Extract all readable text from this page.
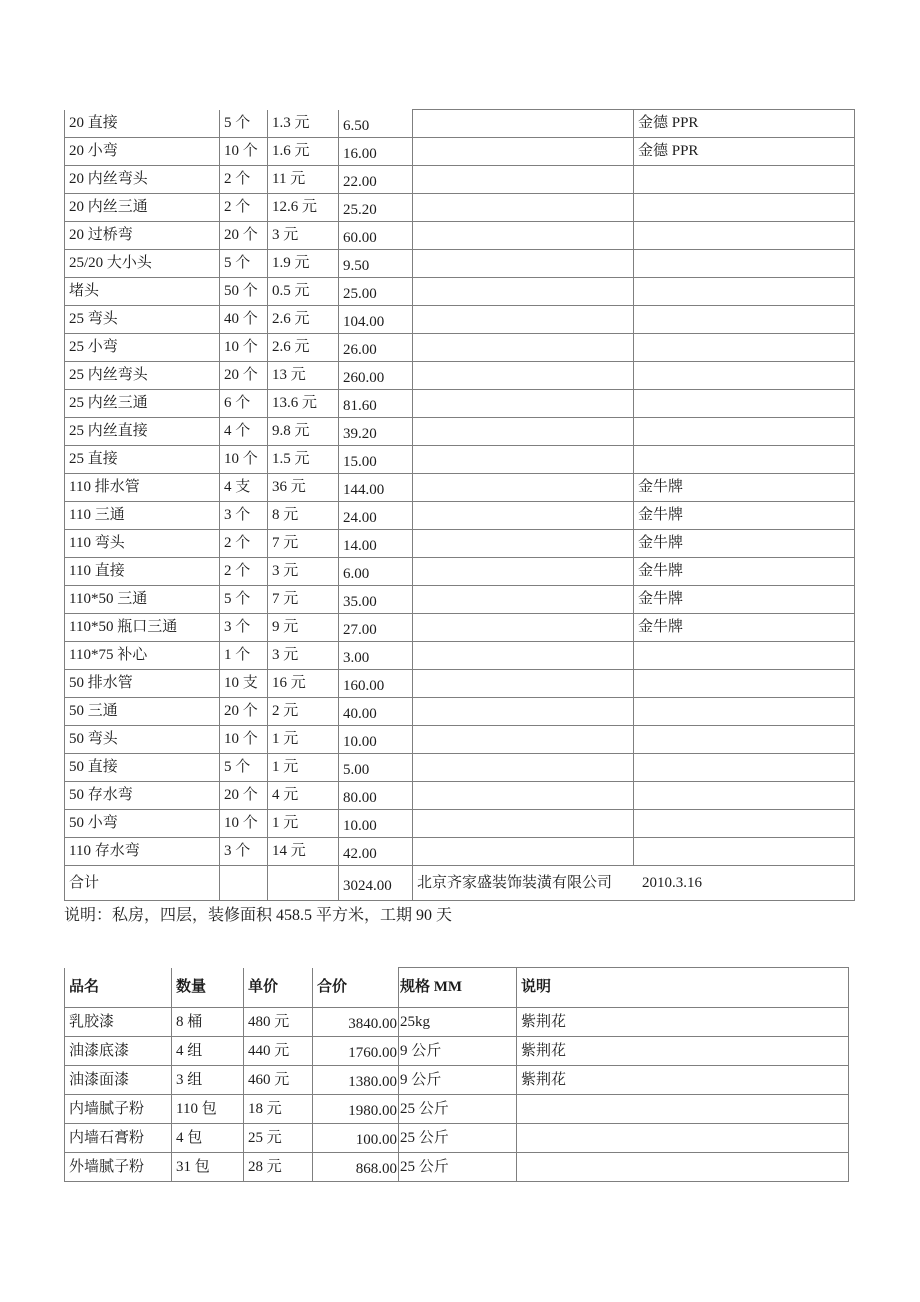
20 直接	5 个	1.3 元	6.50		金德 PPR
20 小弯	10 个	1.6 元	16.00		金德 PPR
20 内丝弯头	2 个	11 元	22.00		
20 内丝三通	2 个	12.6 元	25.20		
20 过桥弯	20 个	3 元	60.00		
25/20 大小头	5 个	1.9 元	9.50		
堵头	50 个	0.5 元	25.00		
25 弯头	40 个	2.6 元	104.00		
25 小弯	10 个	2.6 元	26.00		
25 内丝弯头	20 个	13 元	260.00		
25 内丝三通	6 个	13.6 元	81.60		
25 内丝直接	4 个	9.8 元	39.20		
25 直接	10 个	1.5 元	15.00		
110 排水管	4 支	36 元	144.00		金牛牌
110 三通	3 个	8 元	24.00		金牛牌
110 弯头	2 个	7 元	14.00		金牛牌
110 直接	2 个	3 元	6.00		金牛牌
110*50 三通	5 个	7 元	35.00		金牛牌
110*50 瓶口三通	3 个	9 元	27.00		金牛牌
110*75 补心	1 个	3 元	3.00		
50 排水管	10 支	16 元	160.00		
50 三通	20 个	2 元	40.00		
50 弯头	10 个	1 元	10.00		
50 直接	5 个	1 元	5.00		
50 存水弯	20 个	4 元	80.00		
50 小弯	10 个	1 元	10.00		
110 存水弯	3 个	14 元	42.00		
合计			3024.00	北京齐家盛装饰装潢有限公司 2010.3.16	
说明：私房，四层，装修面积 458.5 平方米，工期 90 天
品名	数量	单价	合价	规格 MM	说明
乳胶漆	8 桶	480 元	3840.00	25kg	紫荆花
油漆底漆	4 组	440 元	1760.00	9 公斤	紫荆花
油漆面漆	3 组	460 元	1380.00	9 公斤	紫荆花
内墙腻子粉	110 包	18 元	1980.00	25 公斤	
内墙石膏粉	4 包	25 元	100.00	25 公斤	
外墙腻子粉	31 包	28 元	868.00	25 公斤	
